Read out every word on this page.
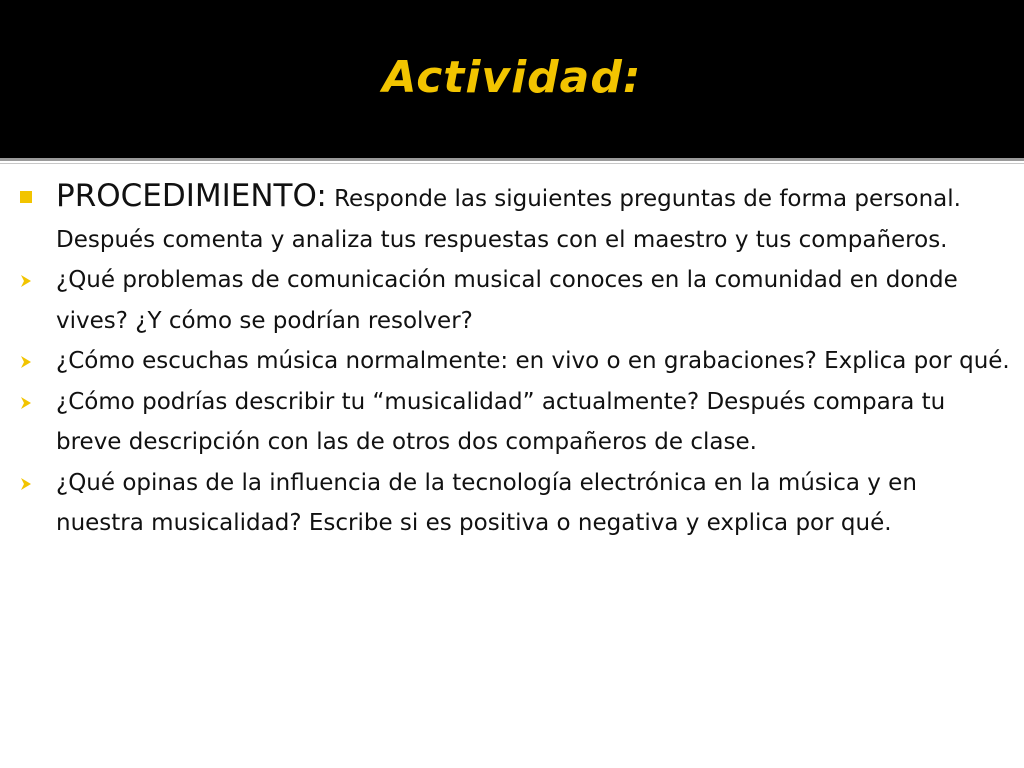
Actividad:
PROCEDIMIENTO: Responde las siguientes preguntas de forma personal. Después comenta y analiza tus respuestas con el maestro y tus compañeros.
¿Qué problemas de comunicación musical conoces en la comunidad en donde vives? ¿Y cómo se podrían resolver?
¿Cómo escuchas música normalmente: en vivo o en grabaciones? Explica por qué.
¿Cómo podrías describir tu “musicalidad” actualmente? Después compara tu breve descripción con las de otros dos compañeros de clase.
¿Qué opinas de la influencia de la tecnología electrónica en la música y en nuestra musicalidad? Escribe si es positiva o negativa y explica por qué.
